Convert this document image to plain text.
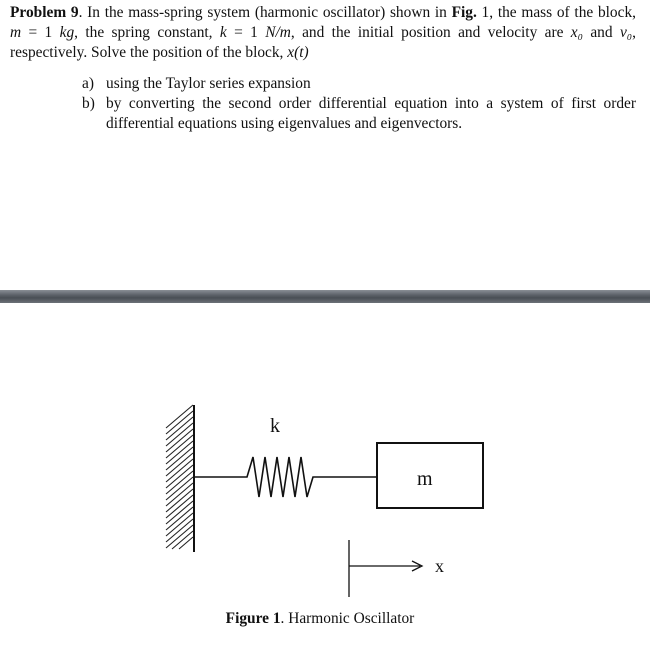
Problem 9. In the mass-spring system (harmonic oscillator) shown in Fig. 1, the mass of the block,
m = 1 kg, the spring constant, k = 1 N/m, and the initial position and velocity are x₀ and v₀,
respectively. Solve the position of the block, x(t)
a) using the Taylor series expansion
b) by converting the second order differential equation into a system of first order
differential equations using eigenvalues and eigenvectors.
k
m
x
Figure 1. Harmonic Oscillator
